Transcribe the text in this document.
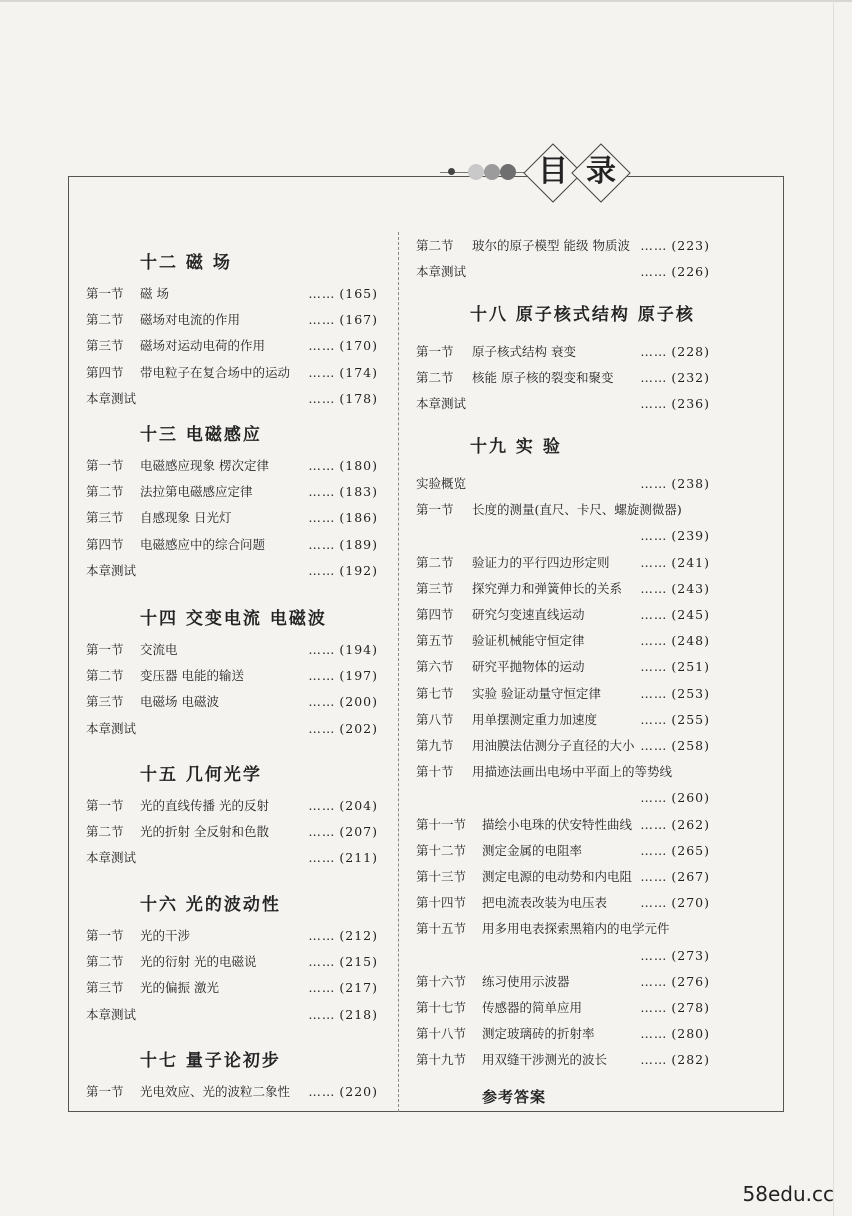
目 录
十二 磁 场
第一节 磁 场	…… (165)
第二节 磁场对电流的作用	…… (167)
第三节 磁场对运动电荷的作用	…… (170)
第四节 带电粒子在复合场中的运动 …… (174)
本章测试	…… (178)
十三 电磁感应
第一节 电磁感应现象 楞次定律	…… (180)
第二节 法拉第电磁感应定律	…… (183)
第三节 自感现象 日光灯	…… (186)
第四节 电磁感应中的综合问题	…… (189)
本章测试	…… (192)
十四 交变电流 电磁波
第一节 交流电	…… (194)
第二节 变压器 电能的输送	…… (197)
第三节 电磁场 电磁波	…… (200)
本章测试	…… (202)
十五 几何光学
第一节 光的直线传播 光的反射	…… (204)
第二节 光的折射 全反射和色散	…… (207)
本章测试	…… (211)
十六 光的波动性
第一节 光的干涉	…… (212)
第二节 光的衍射 光的电磁说	…… (215)
第三节 光的偏振 激光	…… (217)
本章测试	…… (218)
十七 量子论初步
第一节 光电效应、光的波粒二象性 …… (220)
第二节 玻尔的原子模型 能级 物质波 …… (223)
本章测试	…… (226)
十八 原子核式结构 原子核
第一节 原子核式结构 衰变	…… (228)
第二节 核能 原子核的裂变和聚变 …… (232)
本章测试	…… (236)
十九 实 验
实验概览	…… (238)
第一节 长度的测量(直尺、卡尺、螺旋测微器)
…… (239)
第二节 验证力的平行四边形定则 …… (241)
第三节 探究弹力和弹簧伸长的关系 …… (243)
第四节 研究匀变速直线运动	…… (245)
第五节 验证机械能守恒定律	…… (248)
第六节 研究平抛物体的运动	…… (251)
第七节 实验 验证动量守恒定律	…… (253)
第八节 用单摆测定重力加速度	…… (255)
第九节 用油膜法估测分子直径的大小 …… (258)
第十节 用描迹法画出电场中平面上的等势线
…… (260)
第十一节 描绘小电珠的伏安特性曲线 …… (262)
第十二节 测定金属的电阻率	…… (265)
第十三节 测定电源的电动势和内电阻 …… (267)
第十四节 把电流表改装为电压表	…… (270)
第十五节 用多用电表探索黑箱内的电学元件
…… (273)
第十六节 练习使用示波器	…… (276)
第十七节 传感器的简单应用	…… (278)
第十八节 测定玻璃砖的折射率	…… (280)
第十九节 用双缝干涉测光的波长	…… (282)
参考答案
58edu.cc
